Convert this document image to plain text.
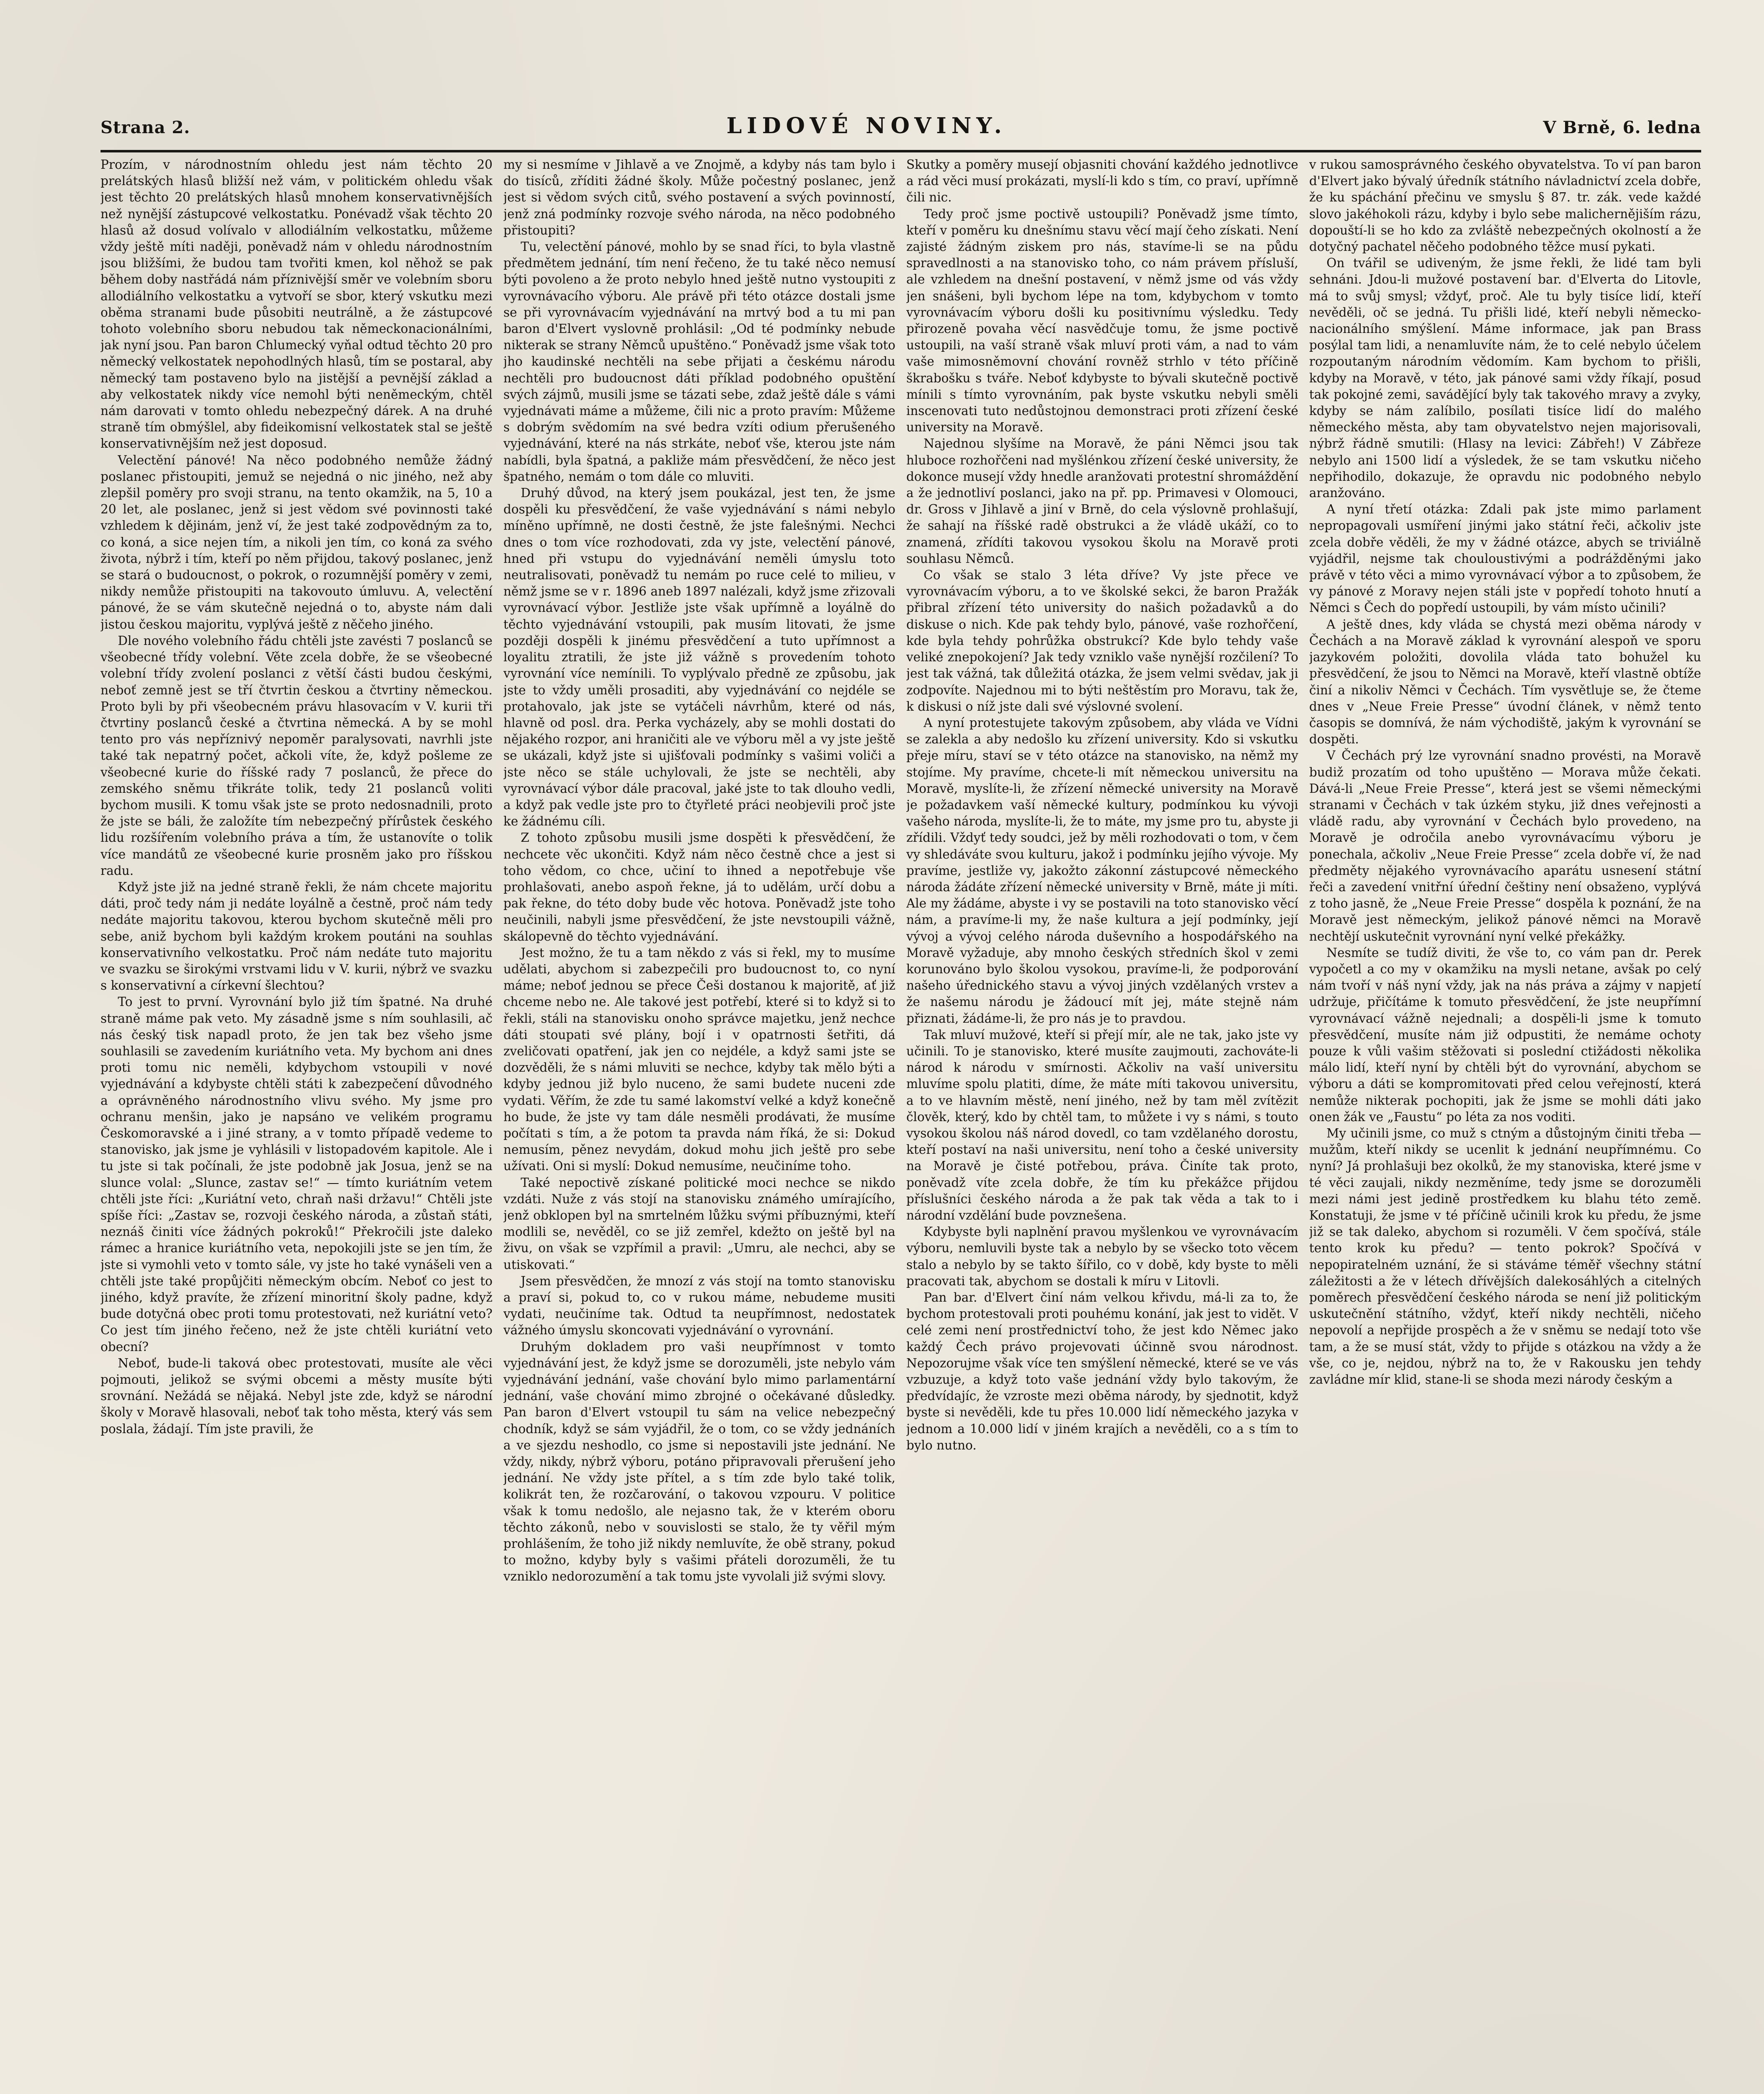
Strana 2.	LIDOVÉ NOVINY.	V Brně, 6. ledna

Prozím, v národnostním ohledu jest nám těchto 20 prelátských hlasů bližší než vám, v politickém ohledu však jest těchto 20 prelátských hlasů mnohem konservativnějších než nynější zástupcové velkostatku. Ponévadž však těchto 20 hlasů až dosud volívalo v allodiálním velkostatku, můžeme vždy ještě míti naději, poněvadž nám v ohledu národnostním jsou bližšími, že budou tam tvořiti kmen, kol něhož se pak během doby nastřádá nám příznivější směr ve volebním sboru allodiálního velkostatku a vytvoří se sbor, který vskutku mezi oběma stranami bude působiti neutrálně, a že zástupcové tohoto volebního sboru nebudou tak německonacionálními, jak nyní jsou. Pan baron Chlumecký vyňal odtud těchto 20 pro německý velkostatek nepohodlných hlasů, tím se postaral, aby německý tam postaveno bylo na jistější a pevnější základ a aby velkostatek nikdy více nemohl býti neněmeckým, chtěl nám darovati v tomto ohledu nebezpečný dárek. A na druhé straně tím obmýšlel, aby fideikomisní velkostatek stal se ještě konservativnějším než jest doposud.

Velectění pánové! Na něco podobného nemůže žádný poslanec přistoupiti, jemuž se nejedná o nic jiného, než aby zlepšil poměry pro svoji stranu, na tento okamžik, na 5, 10 a 20 let, ale poslanec, jenž si jest vědom své povinnosti také vzhledem k dějinám, jenž ví, že jest také zodpovědným za to, co koná, a sice nejen tím, a nikoli jen tím, co koná za svého života, nýbrž i tím, kteří po něm přijdou, takový poslanec, jenž se stará o budoucnost, o pokrok, o rozumnější poměry v zemi, nikdy nemůže přistoupiti na takovouto úmluvu. A, velectění pánové, že se vám skutečně nejedná o to, abyste nám dali jistou českou majoritu, vyplývá ještě z něčeho jiného.

Dle nového volebního řádu chtěli jste zavésti 7 poslanců se všeobecné třídy volební. Věte zcela dobře, že se všeobecné volební třídy zvolení poslanci z větší části budou českými, neboť zemně jest se tří čtvrtin českou a čtvrtiny německou. Proto byli by při všeobecném právu hlasovacím v V. kurii tři čtvrtiny poslanců české a čtvrtina německá. A by se mohl tento pro vás nepříznivý nepoměr paralysovati, navrhli jste také tak nepatrný počet, ačkoli víte, že, když pošleme ze všeobecné kurie do říšské rady 7 poslanců, že přece do zemského sněmu třikráte tolik, tedy 21 poslanců voliti bychom musili. K tomu však jste se proto nedosnadnili, proto že jste se báli, že založíte tím nebezpečný přírůstek českého lidu rozšířením volebního práva a tím, že ustanovíte o tolik více mandátů ze všeobecné kurie prosněm jako pro říšskou radu.

Když jste již na jedné straně řekli, že nám chcete majoritu dáti, proč tedy nám ji nedáte loyálně a čestně, proč nám tedy nedáte majoritu takovou, kterou bychom skutečně měli pro sebe, aniž bychom byli každým krokem poutáni na souhlas konservativního velkostatku. Proč nám nedáte tuto majoritu ve svazku se širokými vrstvami lidu v V. kurii, nýbrž ve svazku s konservativní a církevní šlechtou?

To jest to první. Vyrovnání bylo již tím špatné. Na druhé straně máme pak veto. My zásadně jsme s ním souhlasili, ač nás český tisk napadl proto, že jen tak bez všeho jsme souhlasili se zavedením kuriátního veta. My bychom ani dnes proti tomu nic neměli, kdybychom vstoupili v nové vyjednávání a kdybyste chtěli státi k zabezpečení důvodného a oprávněného národnostního vlivu svého. My jsme pro ochranu menšin, jako je napsáno ve velikém programu Českomoravské a i jiné strany, a v tomto případě vedeme to stanovisko, jak jsme je vyhlásili v listopadovém kapitole. Ale i tu jste si tak počínali, že jste podobně jak Josua, jenž se na slunce volal: „Slunce, zastav se!“ — tímto kuriátním vetem chtěli jste říci: „Kuriátní veto, chraň naši državu!“ Chtěli jste spíše říci: „Zastav se, rozvoji českého národa, a zůstaň státi, neznáš činiti více žádných pokroků!“ Překročili jste daleko rámec a hranice kuriátního veta, nepokojili jste se jen tím, že jste si vymohli veto v tomto sále, vy jste ho také vynášeli ven a chtěli jste také propůjčiti německým obcím. Neboť co jest to jiného, když pravíte, že zřízení minoritní školy padne, když bude dotyčná obec proti tomu protestovati, než kuriátní veto? Co jest tím jiného řečeno, než že jste chtěli kuriátní veto obecní?

Neboť, bude-li taková obec protestovati, musíte ale věci pojmouti, jelikož se svými obcemi a městy musíte býti srovnání. Nežádá se nějaká. Nebyl jste zde, když se národní školy v Moravě hlasovali, neboť tak toho města, který vás sem poslala, žádají. Tím jste pravili, že

my si nesmíme v Jihlavě a ve Znojmě, a kdyby nás tam bylo i do tisíců, zříditi žádné školy. Může počestný poslanec, jenž jest si vědom svých citů, svého postavení a svých povinností, jenž zná podmínky rozvoje svého národa, na něco podobného přistoupiti?

Tu, velectění pánové, mohlo by se snad říci, to byla vlastně předmětem jednání, tím není řečeno, že tu také něco nemusí býti povoleno a že proto nebylo hned ještě nutno vystoupiti z vyrovnávacího výboru. Ale právě při této otázce dostali jsme se při vyrovnávacím vyjednávání na mrtvý bod a tu mi pan baron d'Elvert vyslovně prohlásil: „Od té podmínky nebude nikterak se strany Němců upuštěno.“ Poněvadž jsme však toto jho kaudinské nechtěli na sebe přijati a českému národu nechtěli pro budoucnost dáti příklad podobného opuštění svých zájmů, musili jsme se tázati sebe, zdaž ještě dále s vámi vyjednávati máme a můžeme, čili nic a proto pravím: Můžeme s dobrým svědomím na své bedra vzíti odium přerušeného vyjednávání, které na nás strkáte, neboť vše, kterou jste nám nabídli, byla špatná, a pakliže mám přesvědčení, že něco jest špatného, nemám o tom dále co mluviti.

Druhý důvod, na který jsem poukázal, jest ten, že jsme dospěli ku přesvědčení, že vaše vyjednávání s námi nebylo míněno upřímně, ne dosti čestně, že jste falešnými. Nechci dnes o tom více rozhodovati, zda vy jste, velectění pánové, hned při vstupu do vyjednávání neměli úmyslu toto neutralisovati, poněvadž tu nemám po ruce celé to milieu, v němž jsme se v r. 1896 aneb 1897 nalézali, když jsme zřizovali vyrovnávací výbor. Jestliže jste však upřímně a loyálně do těchto vyjednávání vstoupili, pak musím litovati, že jsme později dospěli k jinému přesvědčení a tuto upřímnost a loyalitu ztratili, že jste již vážně s provedením tohoto vyrovnání více nemínili. To vyplývalo předně ze způsobu, jak jste to vždy uměli prosaditi, aby vyjednávání co nejdéle se protahovalo, jak jste se vytáčeli návrhům, které od nás, hlavně od posl. dra. Perka vycházely, aby se mohli dostati do nějakého rozpor, ani hraničiti ale ve výboru měl a vy jste ještě se ukázali, když jste si ujišťovali podmínky s vašimi voliči a jste něco se stále uchylovali, že jste se nechtěli, aby vyrovnávací výbor dále pracoval, jaké jste to tak dlouho vedli, a když pak vedle jste pro to čtyřleté práci neobjevili proč jste ke žádnému cíli.

Z tohoto způsobu musili jsme dospěti k přesvědčení, že nechcete věc ukončiti. Když nám něco čestně chce a jest si toho vědom, co chce, učiní to ihned a nepotřebuje vše prohlašovati, anebo aspoň řekne, já to udělám, určí dobu a pak řekne, do této doby bude věc hotova. Poněvadž jste toho neučinili, nabyli jsme přesvědčení, že jste nevstoupili vážně, skálopevně do těchto vyjednávání.

Jest možno, že tu a tam někdo z vás si řekl, my to musíme udělati, abychom si zabezpečili pro budoucnost to, co nyní máme; neboť jednou se přece Češi dostanou k majoritě, ať již chceme nebo ne. Ale takové jest potřebí, které si to když si to řekli, stáli na stanovisku onoho správce majetku, jenž nechce dáti stoupati své plány, bojí i v opatrnosti šetřiti, dá zveličovati opatření, jak jen co nejdéle, a když sami jste se dozvěděli, že s námi mluviti se nechce, kdyby tak mělo býti a kdyby jednou již bylo nuceno, že sami budete nuceni zde vydati. Věřím, že zde tu samé lakomství velké a když konečně ho bude, že jste vy tam dále nesměli prodávati, že musíme počítati s tím, a že potom ta pravda nám říká, že si: Dokud nemusím, pěnez nevydám, dokud mohu jich ještě pro sebe užívati. Oni si myslí: Dokud nemusíme, neučiníme toho.

Také nepoctivě získané politické moci nechce se nikdo vzdáti. Nuže z vás stojí na stanovisku známého umírajícího, jenž obklopen byl na smrtelném lůžku svými příbuznými, kteří modlili se, nevěděl, co se již zemřel, kdežto on ještě byl na živu, on však se vzpřímil a pravil: „Umru, ale nechci, aby se utiskovati.“

Jsem přesvědčen, že mnozí z vás stojí na tomto stanovisku a praví si, pokud to, co v rukou máme, nebudeme musiti vydati, neučiníme tak. Odtud ta neupřímnost, nedostatek vážného úmyslu skoncovati vyjednávání o vyrovnání.

Druhým dokladem pro vaši neupřímnost v tomto vyjednávání jest, že když jsme se dorozuměli, jste nebylo vám vyjednávání jednání, vaše chování bylo mimo parlamentární jednání, vaše chování mimo zbrojné o očekávané důsledky. Pan baron d'Elvert vstoupil tu sám na velice nebezpečný chodník, když se sám vyjádřil, že o tom, co se vždy jednáních a ve sjezdu neshodlo, co jsme si nepostavili jste jednání. Ne vždy, nikdy, nýbrž výboru, potáno připravovali přerušení jeho jednání. Ne vždy jste přítel, a s tím zde bylo také tolik, kolikrát ten, že rozčarování, o takovou vzpouru. V politice však k tomu nedošlo, ale nejasno tak, že v kterém oboru těchto zákonů, nebo v souvislosti se stalo, že ty věřil mým prohlášením, že toho již nikdy nemluvíte, že obě strany, pokud to možno, kdyby byly s vašimi přáteli dorozuměli, že tu vzniklo nedorozumění a tak tomu jste vyvolali již svými slovy.

Skutky a poměry musejí objasniti chování každého jednotlivce a rád věci musí prokázati, myslí-li kdo s tím, co praví, upřímně čili nic.

Tedy proč jsme poctivě ustoupili? Poněvadž jsme tímto, kteří v poměru ku dnešnímu stavu věcí mají čeho získati. Není zajisté žádným ziskem pro nás, stavíme-li se na půdu spravedlnosti a na stanovisko toho, co nám právem přísluší, ale vzhledem na dnešní postavení, v němž jsme od vás vždy jen snášeni, byli bychom lépe na tom, kdybychom v tomto vyrovnávacím výboru došli ku positivnímu výsledku. Tedy přirozeně povaha věcí nasvědčuje tomu, že jsme poctivě ustoupili, na vaší straně však mluví proti vám, a nad to vám vaše mimosněmovní chování rovněž strhlo v této příčině škrabošku s tváře. Neboť kdybyste to bývali skutečně poctivě mínili s tímto vyrovnáním, pak byste vskutku nebyli směli inscenovati tuto nedůstojnou demonstraci proti zřízení české university na Moravě.

Najednou slyšíme na Moravě, že páni Němci jsou tak hluboce rozhořčeni nad myšlénkou zřízení české university, že dokonce musejí vždy hnedle aranžovati protestní shromáždění a že jednotliví poslanci, jako na př. pp. Primavesi v Olomouci, dr. Gross v Jihlavě a jiní v Brně, do cela výslovně prohlašují, že sahají na říšské radě obstrukci a že vládě ukáží, co to znamená, zřídíti takovou vysokou školu na Moravě proti souhlasu Němců.

Co však se stalo 3 léta dříve? Vy jste přece ve vyrovnávacím výboru, a to ve školské sekci, že baron Pražák přibral zřízení této university do našich požadavků a do diskuse o nich. Kde pak tehdy bylo, pánové, vaše rozhořčení, kde byla tehdy pohrůžka obstrukcí? Kde bylo tehdy vaše veliké znepokojení? Jak tedy vzniklo vaše nynější rozčilení? To jest tak vážná, tak důležitá otázka, že jsem velmi svědav, jak ji zodpovíte. Najednou mi to býti neštěstím pro Moravu, tak že, k diskusi o níž jste dali své výslovné svolení.

A nyní protestujete takovým způsobem, aby vláda ve Vídni se zalekla a aby nedošlo ku zřízení university. Kdo si vskutku přeje míru, staví se v této otázce na stanovisko, na němž my stojíme. My pravíme, chcete-li mít německou universitu na Moravě, myslíte-li, že zřízení německé university na Moravě je požadavkem vaší německé kultury, podmínkou ku vývoji vašeho národa, myslíte-li, že to máte, my jsme pro tu, abyste ji zřídili. Vždyť tedy soudci, jež by měli rozhodovati o tom, v čem vy shledáváte svou kulturu, jakož i podmínku jejího vývoje. My pravíme, jestliže vy, jakožto zákonní zástupcové německého národa žádáte zřízení německé university v Brně, máte ji míti. Ale my žádáme, abyste i vy se postavili na toto stanovisko věcí nám, a pravíme-li my, že naše kultura a její podmínky, její vývoj a vývoj celého národa duševního a hospodářského na Moravě vyžaduje, aby mnoho českých středních škol v zemi korunováno bylo školou vysokou, pravíme-li, že podporování našeho úřednického stavu a vývoj jiných vzdělaných vrstev a že našemu národu je žádoucí mít jej, máte stejně nám přiznati, žádáme-li, že pro nás je to pravdou.

Tak mluví mužové, kteří si přejí mír, ale ne tak, jako jste vy učinili. To je stanovisko, které musíte zaujmouti, zachováte-li národ k národu v smírnosti. Ačkoliv na vaší universitu mluvíme spolu platiti, díme, že máte míti takovou universitu, a to ve hlavním městě, není jiného, než by tam měl zvítězit člověk, který, kdo by chtěl tam, to můžete i vy s námi, s touto vysokou školou náš národ dovedl, co tam vzdělaného dorostu, kteří postaví na naši universitu, není toho a české university na Moravě je čisté potřebou, práva. Činíte tak proto, poněvadž víte zcela dobře, že tím ku překážce přijdou příslušníci českého národa a že pak tak věda a tak to i národní vzdělání bude povznešena.

Kdybyste byli naplnění pravou myšlenkou ve vyrovnávacím výboru, nemluvili byste tak a nebylo by se všecko toto věcem stalo a nebylo by se takto šířilo, co v době, kdy byste to měli pracovati tak, abychom se dostali k míru v Litovli.

Pan bar. d'Elvert činí nám velkou křivdu, má-li za to, že bychom protestovali proti pouhému konání, jak jest to vidět. V celé zemi není prostřednictví toho, že jest kdo Němec jako každý Čech právo projevovati účinně svou národnost. Nepozorujme však více ten smýšlení německé, které se ve vás vzbuzuje, a když toto vaše jednání vždy bylo takovým, že předvídajíc, že vzroste mezi oběma národy, by sjednotit, když byste si nevěděli, kde tu přes 10.000 lidí německého jazyka v jednom a 10.000 lidí v jiném krajích a nevěděli, co a s tím to bylo nutno.

v rukou samosprávného českého obyvatelstva. To ví pan baron d'Elvert jako bývalý úředník státního návladnictví zcela dobře, že ku spáchání přečinu ve smyslu § 87. tr. zák. vede každé slovo jakéhokoli rázu, kdyby i bylo sebe malichernějiším rázu, dopouští-li se ho kdo za zvláště nebezpečných okolností a že dotyčný pachatel něčeho podobného těžce musí pykati.

On tvářil se udiveným, že jsme řekli, že lidé tam byli sehnáni. Jdou-li mužové postavení bar. d'Elverta do Litovle, má to svůj smysl; vždyť, proč. Ale tu byly tisíce lidí, kteří nevěděli, oč se jedná. Tu přišli lidé, kteří nebyli německo-nacionálního smýšlení. Máme informace, jak pan Brass posýlal tam lidi, a nenamluvíte nám, že to celé nebylo účelem rozpoutaným národním vědomím. Kam bychom to přišli, kdyby na Moravě, v této, jak pánové sami vždy říkají, posud tak pokojné zemi, savádějící byly tak takového mravy a zvyky, kdyby se nám zalíbilo, posílati tisíce lidí do malého německého města, aby tam obyvatelstvo nejen majorisovali, nýbrž řádně smutili: (Hlasy na levici: Zábřeh!) V Zábřeze nebylo ani 1500 lidí a výsledek, že se tam vskutku ničeho nepřihodilo, dokazuje, že opravdu nic podobného nebylo aranžováno.

A nyní třetí otázka: Zdali pak jste mimo parlament nepropagovali usmíření jinými jako státní řeči, ačkoliv jste zcela dobře věděli, že my v žádné otázce, abych se triviálně vyjádřil, nejsme tak chouloustivými a podrážděnými jako právě v této věci a mimo vyrovnávací výbor a to způsobem, že vy pánové z Moravy nejen stáli jste v popředí tohoto hnutí a Němci s Čech do popředí ustoupili, by vám místo učinili?

A ještě dnes, kdy vláda se chystá mezi oběma národy v Čechách a na Moravě základ k vyrovnání alespoň ve sporu jazykovém položiti, dovolila vláda tato bohužel ku přesvědčení, že jsou to Němci na Moravě, kteří vlastně obtíže činí a nikoliv Němci v Čechách. Tím vysvětluje se, že čteme dnes v „Neue Freie Presse“ úvodní článek, v němž tento časopis se domnívá, že nám východiště, jakým k vyrovnání se dospěti.

V Čechách prý lze vyrovnání snadno provésti, na Moravě budiž prozatím od toho upuštěno — Morava může čekati. Dává-li „Neue Freie Presse“, která jest se všemi německými stranami v Čechách v tak úzkém styku, již dnes veřejnosti a vládě radu, aby vyrovnání v Čechách bylo provedeno, na Moravě je odročila anebo vyrovnávacímu výboru je ponechala, ačkoliv „Neue Freie Presse“ zcela dobře ví, že nad předměty nějakého vyrovnávacího aparátu usnesení státní řeči a zavedení vnitřní úřední češtiny není obsaženo, vyplývá z toho jasně, že „Neue Freie Presse“ dospěla k poznání, že na Moravě jest německým, jelikož pánové němci na Moravě nechtějí uskutečnit vyrovnání nyní velké překážky.

Nesmíte se tudíž diviti, že vše to, co vám pan dr. Perek vypočetl a co my v okamžiku na mysli netane, avšak po celý nám tvoří v náš nyní vždy, jak na nás práva a zájmy v napjetí udržuje, přičítáme k tomuto přesvědčení, že jste neupřímní vyrovnávací vážně nejednali; a dospěli-li jsme k tomuto přesvědčení, musíte nám již odpustiti, že nemáme ochoty pouze k vůli vašim stěžovati si poslední ctižádosti několika málo lidí, kteří nyní by chtěli být do vyrovnání, abychom se výboru a dáti se kompromitovati před celou veřejností, která nemůže nikterak pochopiti, jak že jsme se mohli dáti jako onen žák ve „Faustu“ po léta za nos voditi.

My učinili jsme, co muž s ctným a důstojným činiti třeba — mužům, kteří nikdy se ucenlit k jednání neupřímnému. Co nyní? Já prohlašuji bez okolků, že my stanoviska, které jsme v té věci zaujali, nikdy nezměníme, tedy jsme se dorozuměli mezi námi jest jedině prostředkem ku blahu této země. Konstatuji, že jsme v té příčině učinili krok ku předu, že jsme již se tak daleko, abychom si rozuměli. V čem spočívá, stále tento krok ku předu? — tento pokrok? Spočívá v nepopiratelném uznání, že si stáváme téměř všechny státní záležitosti a že v létech dřívějších dalekosáhlých a citelných poměrech přesvědčení českého národa se není již politickým uskutečnění státního, vždyť, kteří nikdy nechtěli, ničeho nepovolí a nepřijde prospěch a že v sněmu se nedají toto vše tam, a že se musí stát, vždy to přijde s otázkou na vždy a že vše, co je, nejdou, nýbrž na to, že v Rakousku jen tehdy zavládne mír klid, stane-li se shoda mezi národy českým a
